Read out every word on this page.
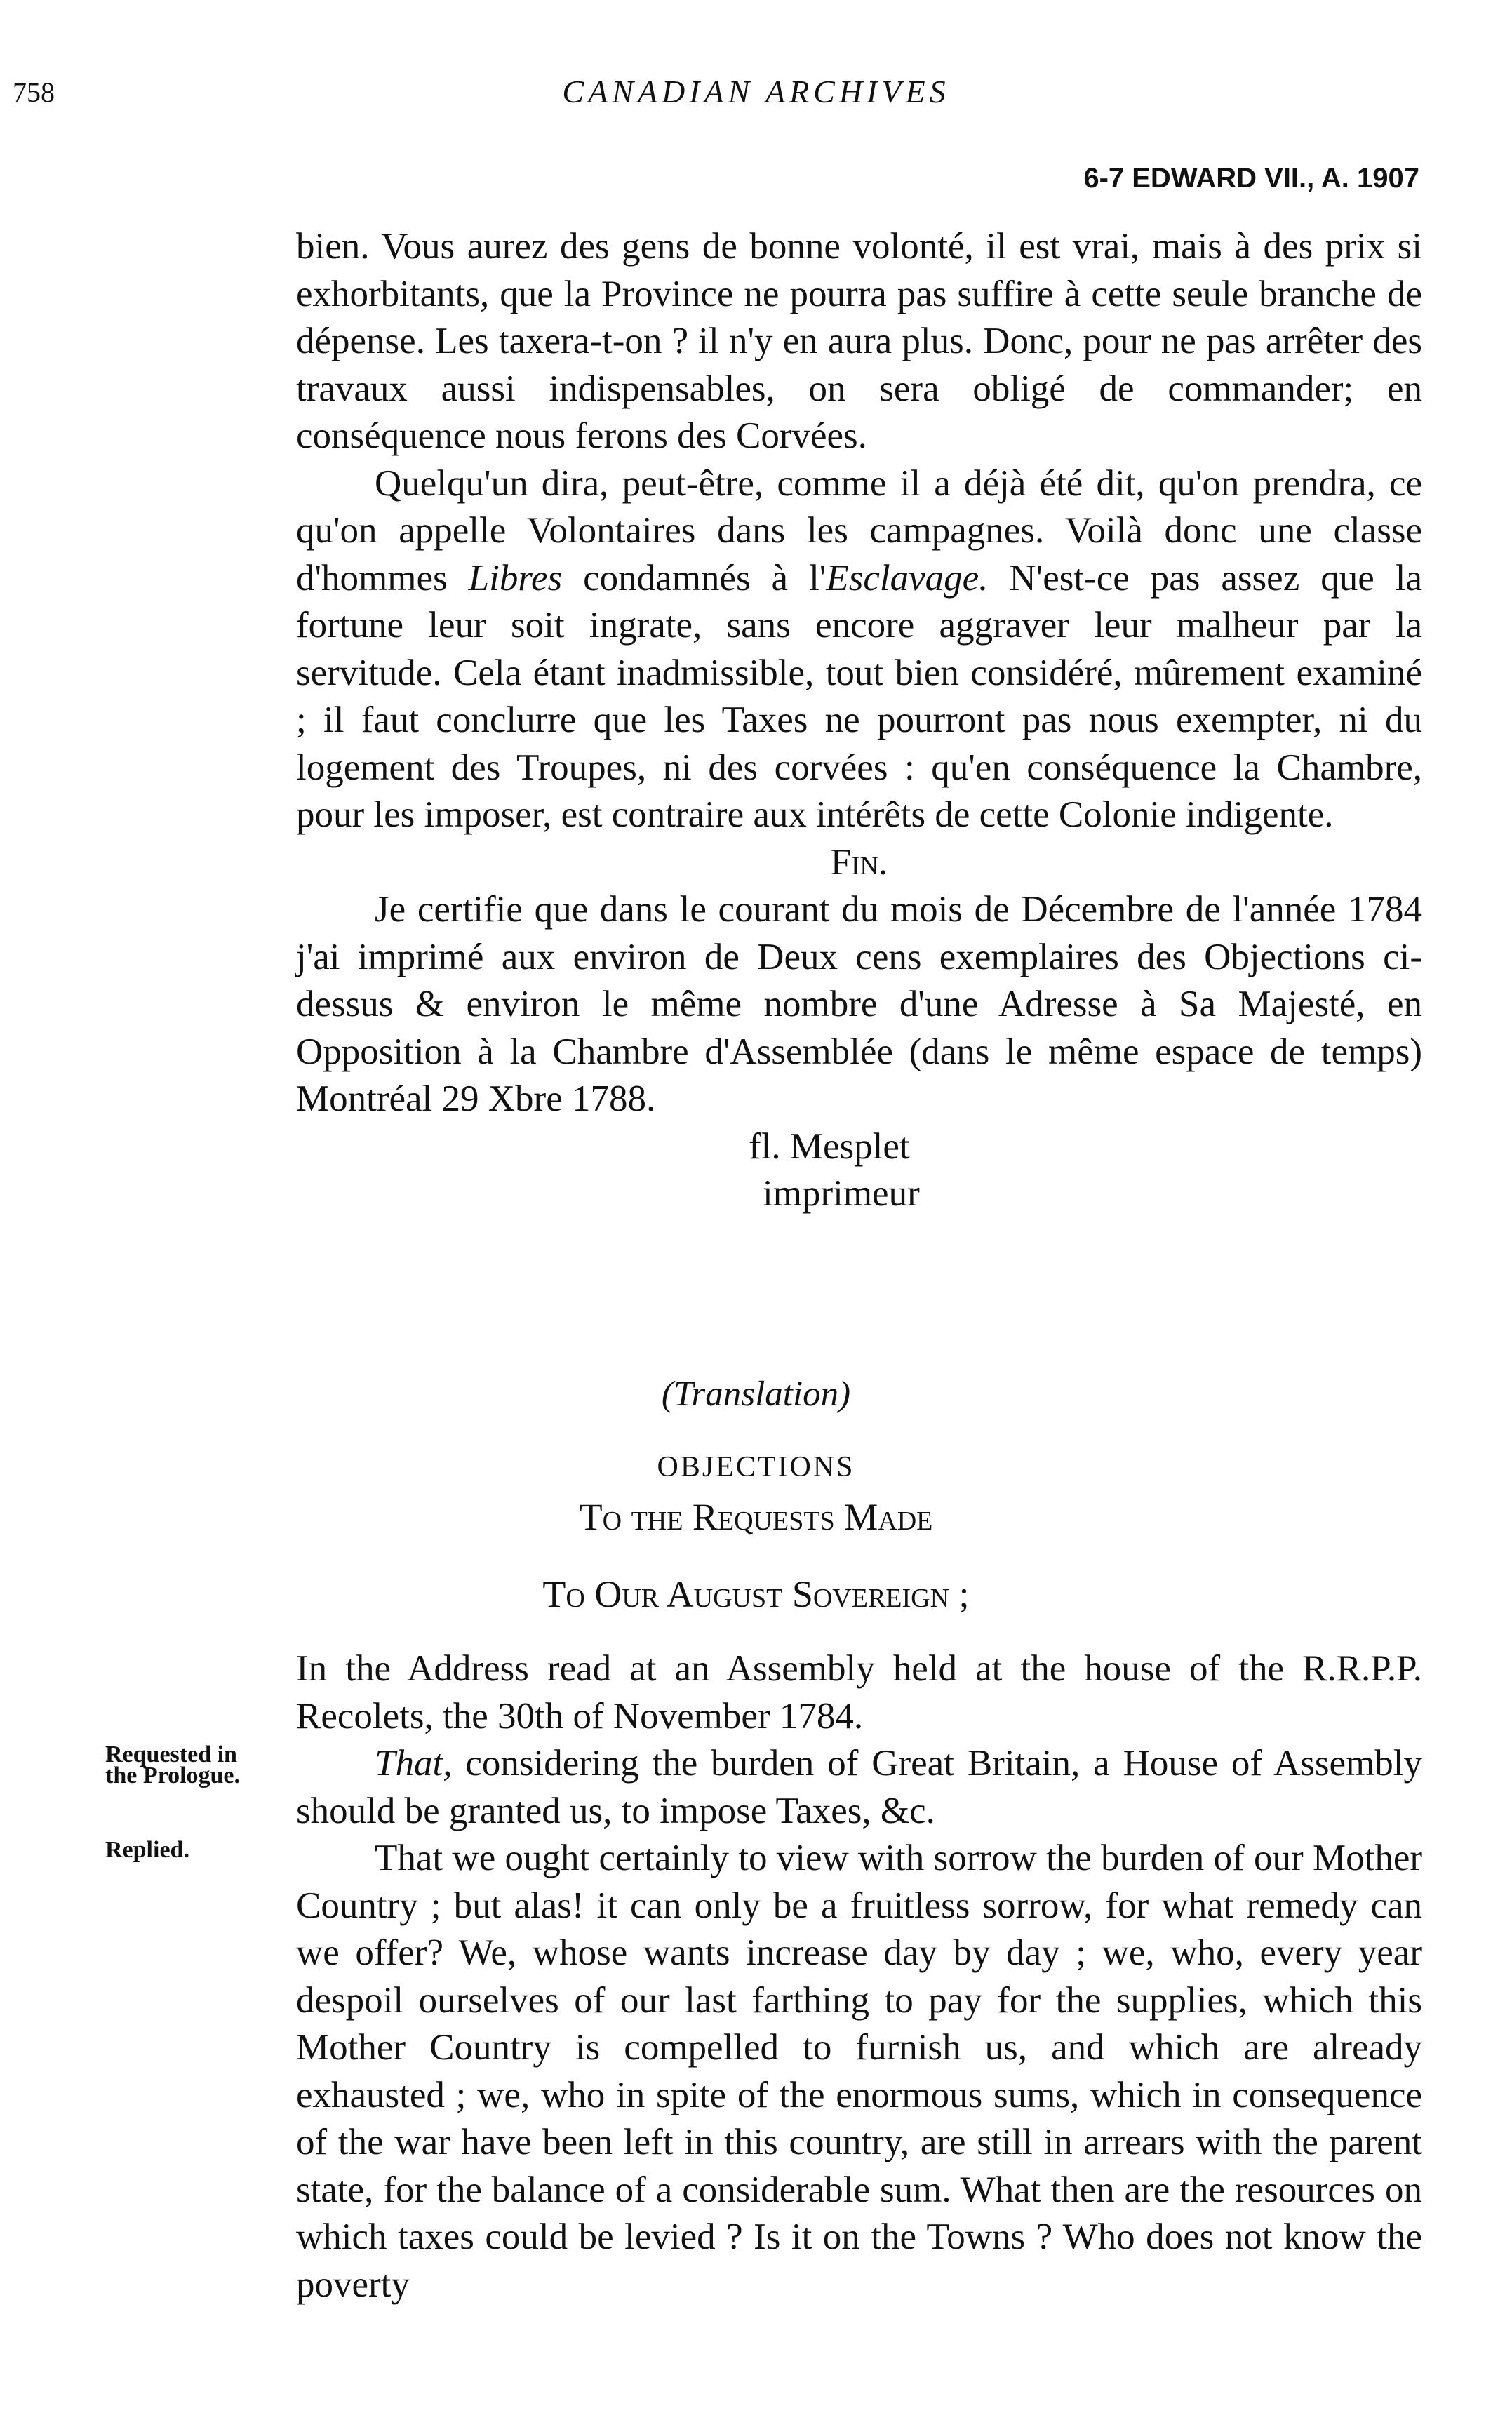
758	CANADIAN ARCHIVES
6-7 EDWARD VII., A. 1907

bien. Vous aurez des gens de bonne volonté, il est vrai, mais à des prix si exhorbitants, que la Province ne pourra pas suffire à cette seule branche de dépense. Les taxera-t-on ? il n'y en aura plus. Donc, pour ne pas arrêter des travaux aussi indispensables, on sera obligé de commander; en conséquence nous ferons des Corvées.

Quelqu'un dira, peut-être, comme il a déjà été dit, qu'on prendra, ce qu'on appelle Volontaires dans les campagnes. Voilà donc une classe d'hommes Libres condamnés à l'Esclavage. N'est-ce pas assez que la fortune leur soit ingrate, sans encore aggraver leur malheur par la servitude. Cela étant inadmissible, tout bien considéré, mûrement examiné ; il faut conclurre que les Taxes ne pourront pas nous exempter, ni du logement des Troupes, ni des corvées : qu'en conséquence la Chambre, pour les imposer, est contraire aux intérêts de cette Colonie indigente.

Fin.

Je certifie que dans le courant du mois de Décembre de l'année 1784 j'ai imprimé aux environ de Deux cens exemplaires des Objections ci-dessus & environ le même nombre d'une Adresse à Sa Majesté, en Opposition à la Chambre d'Assemblée (dans le même espace de temps) Montréal 29 Xbre 1788.

fl. Mesplet

imprimeur

(Translation)
OBJECTIONS
To the Requests Made
To Our August Sovereign ;

In the Address read at an Assembly held at the house of the R.R.P.P. Recolets, the 30th of November 1784.

That, considering the burden of Great Britain, a House of Assembly should be granted us, to impose Taxes, &c.

That we ought certainly to view with sorrow the burden of our Mother Country ; but alas! it can only be a fruitless sorrow, for what remedy can we offer? We, whose wants increase day by day ; we, who, every year despoil ourselves of our last farthing to pay for the supplies, which this Mother Country is compelled to furnish us, and which are already exhausted ; we, who in spite of the enormous sums, which in consequence of the war have been left in this country, are still in arrears with the parent state, for the balance of a considerable sum. What then are the resources on which taxes could be levied ? Is it on the Towns ? Who does not know the poverty

Requested in
the Prologue.
Replied.
